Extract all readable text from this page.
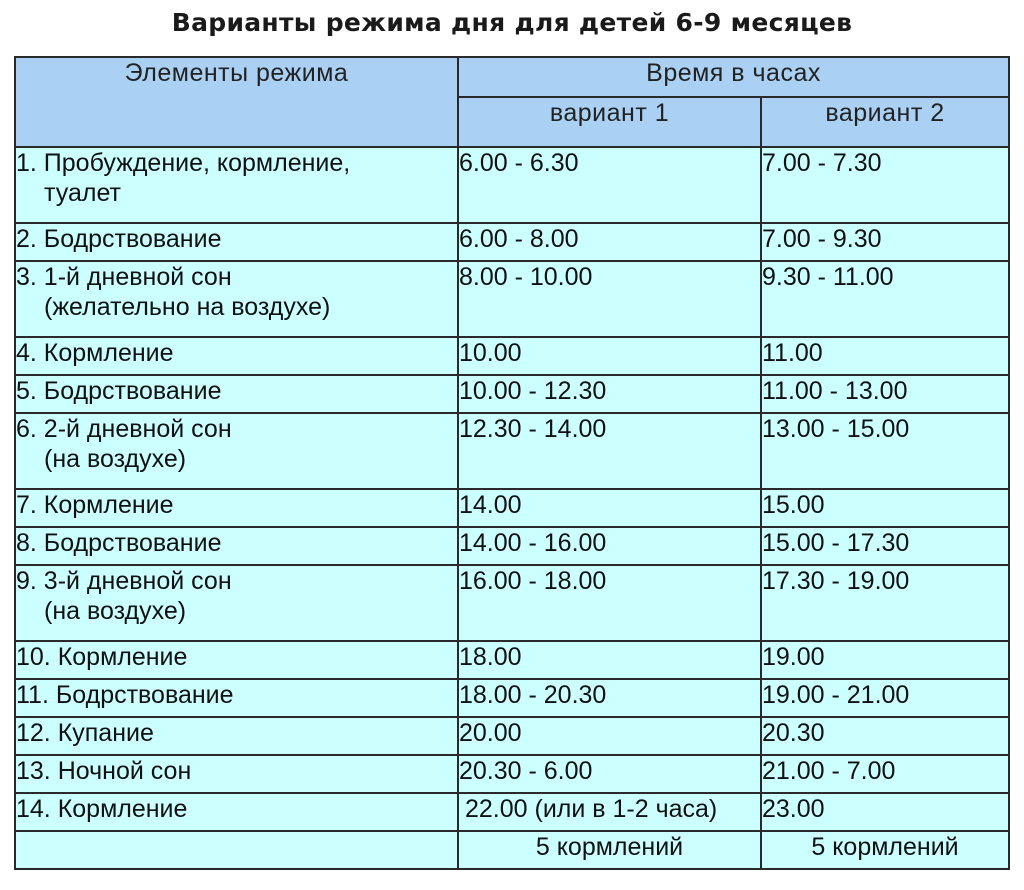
Варианты режима дня для детей 6-9 месяцев
Элементы режима	Время в часах	
	вариант 1	вариант 2

1. Пробуждение, кормление,
туалет	6.00 - 6.30	7.00 - 7.30

2. Бодрствование	6.00 - 8.00	7.00 - 9.30

3. 1-й дневной сон
(желательно на воздухе)	8.00 - 10.00	9.30 - 11.00

4. Кормление	10.00	11.00

5. Бодрствование	10.00 - 12.30	11.00 - 13.00

6. 2-й дневной сон
(на воздухе)	12.30 - 14.00	13.00 - 15.00

7. Кормление	14.00	15.00

8. Бодрствование	14.00 - 16.00	15.00 - 17.30

9. 3-й дневной сон
(на воздухе)	16.00 - 18.00	17.30 - 19.00

10. Кормление	18.00	19.00

11. Бодрствование	18.00 - 20.30	19.00 - 21.00

12. Купание	20.00	20.30

13. Ночной сон	20.30 - 6.00	21.00 - 7.00

14. Кормление	22.00 (или в 1-2 часа)	23.00
	5 кормлений	5 кормлений
